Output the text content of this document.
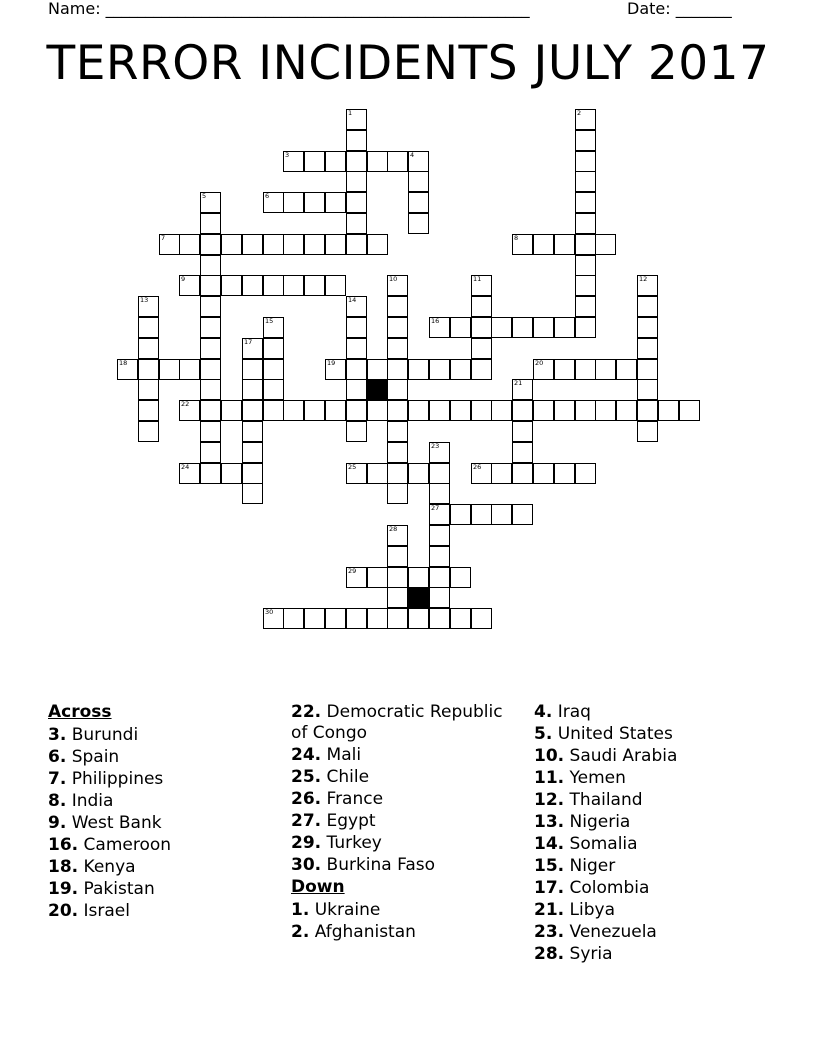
Name: _____________________________________________________	Date: _______
TERROR INCIDENTS JULY 2017
1	2
3	4
5	6
7	8
9	10	11	12
13	14
15	16
17
18	19	20
21
22
23
27
24	25	26
28
29
30
Across
3. Burundi
6. Spain
7. Philippines
8. India
9. West Bank
16. Cameroon
18. Kenya
19. Pakistan
20. Israel
22. Democratic Republic of Congo
24. Mali
25. Chile
26. France
27. Egypt
29. Turkey
30. Burkina Faso
Down
1. Ukraine
2. Afghanistan
4. Iraq
5. United States
10. Saudi Arabia
11. Yemen
12. Thailand
13. Nigeria
14. Somalia
15. Niger
17. Colombia
21. Libya
23. Venezuela
28. Syria
